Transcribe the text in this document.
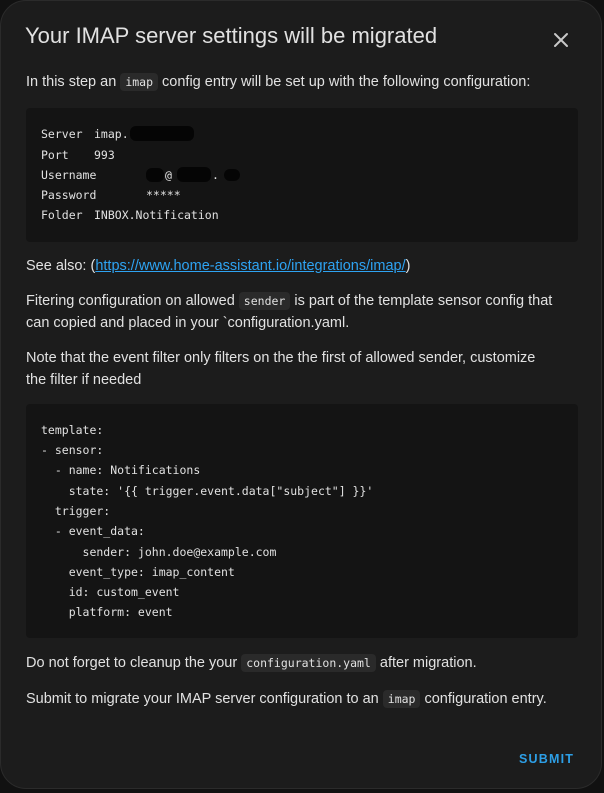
Your IMAP server settings will be migrated
In this step an imap config entry will be set up with the following configuration:
Server imap.
Port 993
Username	@	.
Password	*****
Folder INBOX.Notification
See also: (https://www.home-assistant.io/integrations/imap/)
Fitering configuration on allowed sender is part of the template sensor config that
can copied and placed in your `configuration.yaml.
Note that the event filter only filters on the the first of allowed sender, customize
the filter if needed
template:
- sensor:
- name: Notifications
state: '{{ trigger.event.data["subject"] }}'
trigger:
- event_data:
sender: john.doe@example.com
event_type: imap_content
id: custom_event
platform: event
Do not forget to cleanup the your configuration.yaml after migration.
Submit to migrate your IMAP server configuration to an imap configuration entry.
SUBMIT
